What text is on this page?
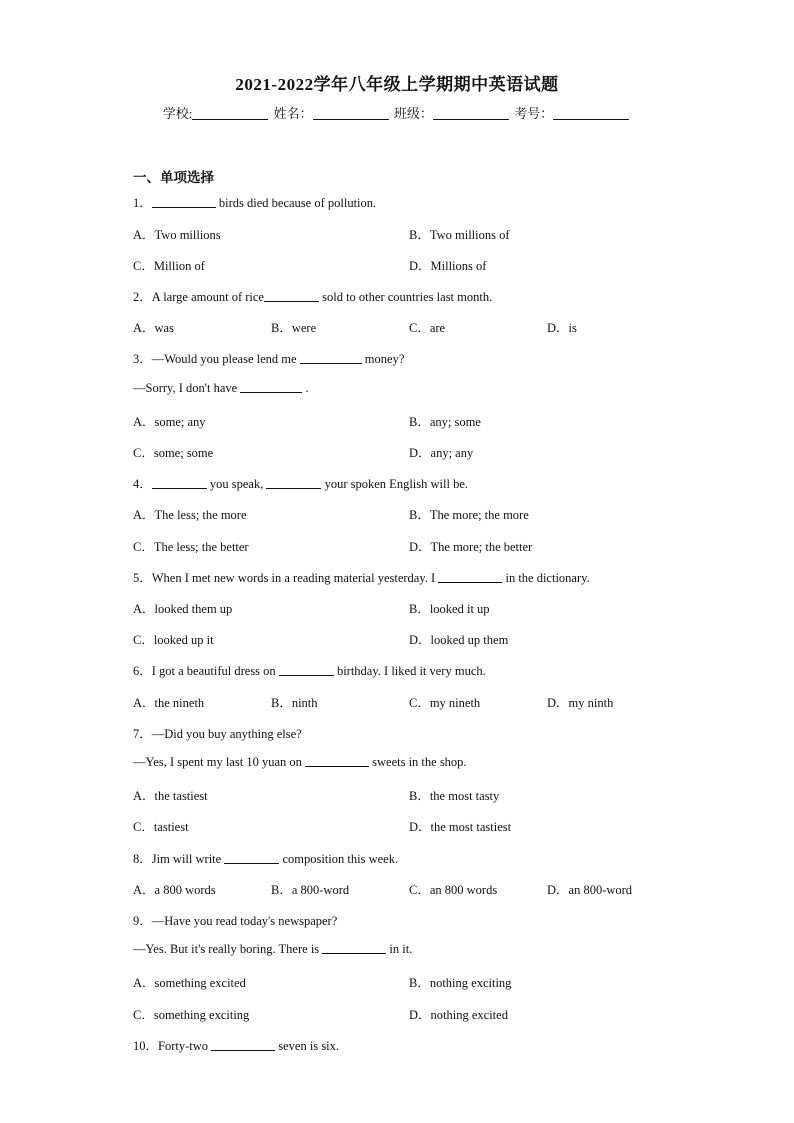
2021-2022学年八年级上学期期中英语试题
学校:	姓名：	班级：	考号：
一、单项选择
1．	birds died because of pollution.
A．Two millions	B．Two millions of
C．Million of	D．Millions of
2．A large amount of rice	sold to other countries last month.
A．was	B．were	C．are	D．is
3．—Would you please lend me	money?
—Sorry, I don't have	.
A．some; any	B．any; some
C．some; some	D．any; any
4．	you speak,	your spoken English will be.
A．The less; the more	B．The more; the more
C．The less; the better	D．The more; the better
5．When I met new words in a reading material yesterday. I	in the dictionary.
A．looked them up	B．looked it up
C．looked up it	D．looked up them
6．I got a beautiful dress on	birthday. I liked it very much.
A．the nineth	B．ninth	C．my nineth	D．my ninth
7．—Did you buy anything else?
—Yes, I spent my last 10 yuan on	sweets in the shop.
A．the tastiest	B．the most tasty
C．tastiest	D．the most tastiest
8．Jim will write	composition this week.
A．a 800 words	B．a 800-word	C．an 800 words	D．an 800-word
9．—Have you read today's newspaper?
—Yes. But it's really boring. There is	in it.
A．something excited	B．nothing exciting
C．something exciting	D．nothing excited
10．Forty-two	seven is six.
